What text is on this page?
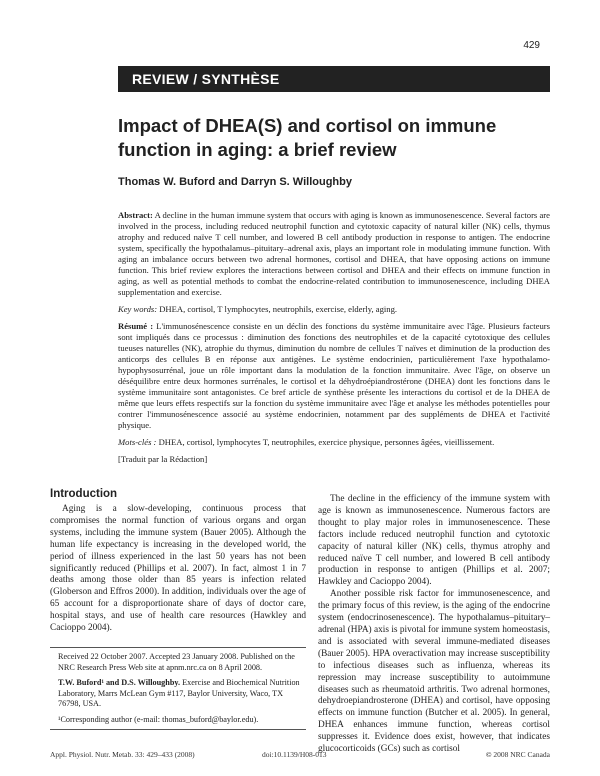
429
REVIEW / SYNTHÈSE
Impact of DHEA(S) and cortisol on immune function in aging: a brief review
Thomas W. Buford and Darryn S. Willoughby

Abstract: A decline in the human immune system that occurs with aging is known as immunosenescence. Several factors are involved in the process, including reduced neutrophil function and cytotoxic capacity of natural killer (NK) cells, thymus atrophy and reduced naïve T cell number, and lowered B cell antibody production in response to antigen. The endocrine system, specifically the hypothalamus–pituitary–adrenal axis, plays an important role in modulating immune function. With aging an imbalance occurs between two adrenal hormones, cortisol and DHEA, that have opposing actions on immune function. This brief review explores the interactions between cortisol and DHEA and their effects on immune function in aging, as well as potential methods to combat the endocrine-related contribution to immunosenescence, including DHEA supplementation and exercise.

Key words: DHEA, cortisol, T lymphocytes, neutrophils, exercise, elderly, aging.

Résumé : L'immunosénescence consiste en un déclin des fonctions du système immunitaire avec l'âge. Plusieurs facteurs sont impliqués dans ce processus : diminution des fonctions des neutrophiles et de la capacité cytotoxique des cellules tueuses naturelles (NK), atrophie du thymus, diminution du nombre de cellules T naïves et diminution de la production des anticorps des cellules B en réponse aux antigènes. Le système endocrinien, particulièrement l'axe hypothalamo-hypophysosurrénal, joue un rôle important dans la modulation de la fonction immunitaire. Avec l'âge, on observe un déséquilibre entre deux hormones surrénales, le cortisol et la déhydroépiandrostérone (DHEA) dont les fonctions dans le système immunitaire sont antagonistes. Ce bref article de synthèse présente les interactions du cortisol et de la DHEA de même que leurs effets respectifs sur la fonction du système immunitaire avec l'âge et analyse les méthodes potentielles pour contrer l'immunosénescence associé au système endocrinien, notamment par des suppléments de DHEA et l'activité physique.

Mots-clés : DHEA, cortisol, lymphocytes T, neutrophiles, exercice physique, personnes âgées, vieillissement.

[Traduit par la Rédaction]

Introduction

Aging is a slow-developing, continuous process that compromises the normal function of various organs and organ systems, including the immune system (Bauer 2005). Although the human life expectancy is increasing in the developed world, the period of illness experienced in the last 50 years has not been significantly reduced (Phillips et al. 2007). In fact, almost 1 in 7 deaths among those older than 85 years is infection related (Globerson and Effros 2000). In addition, individuals over the age of 65 account for a disproportionate share of days of doctor care, hospital stays, and use of health care resources (Hawkley and Cacioppo 2004).

Received 22 October 2007. Accepted 23 January 2008. Published on the NRC Research Press Web site at apnm.nrc.ca on 8 April 2008.

T.W. Buford¹ and D.S. Willoughby. Exercise and Biochemical Nutrition Laboratory, Marrs McLean Gym #117, Baylor University, Waco, TX 76798, USA.

¹Corresponding author (e-mail: thomas_buford@baylor.edu).

The decline in the efficiency of the immune system with age is known as immunosenescence. Numerous factors are thought to play major roles in immunosenescence. These factors include reduced neutrophil function and cytotoxic capacity of natural killer (NK) cells, thymus atrophy and reduced naïve T cell number, and lowered B cell antibody production in response to antigen (Phillips et al. 2007; Hawkley and Cacioppo 2004).

Another possible risk factor for immunosenescence, and the primary focus of this review, is the aging of the endocrine system (endocrinosenescence). The hypothalamus–pituitary–adrenal (HPA) axis is pivotal for immune system homeostasis, and is associated with several immune-mediated diseases (Bauer 2005). HPA overactivation may increase susceptibility to infectious diseases such as influenza, whereas its repression may increase susceptibility to autoimmune diseases such as rheumatoid arthritis. Two adrenal hormones, dehydroepiandrosterone (DHEA) and cortisol, have opposing effects on immune function (Butcher et al. 2005). In general, DHEA enhances immune function, whereas cortisol suppresses it. Evidence does exist, however, that indicates glucocorticoids (GCs) such as cortisol

Appl. Physiol. Nutr. Metab. 33: 429–433 (2008)	doi:10.1139/H08-013	© 2008 NRC Canada
